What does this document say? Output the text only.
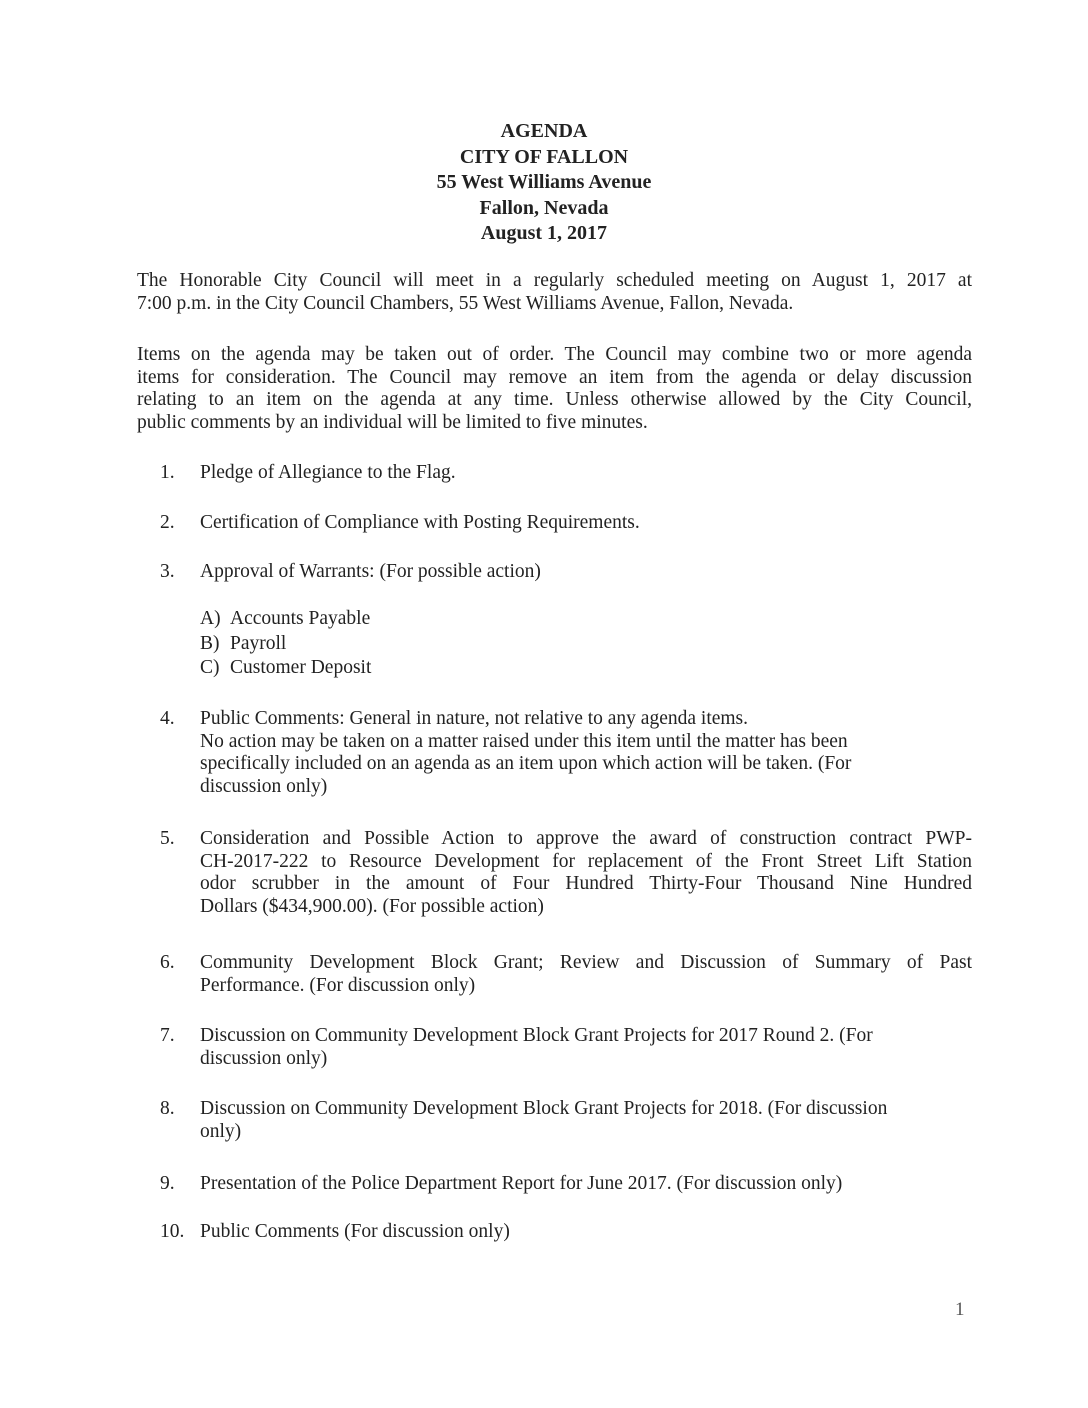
AGENDA
CITY OF FALLON
55 West Williams Avenue
Fallon, Nevada
August 1, 2017
The Honorable City Council will meet in a regularly scheduled meeting on August 1, 2017 at
7:00 p.m. in the City Council Chambers, 55 West Williams Avenue, Fallon, Nevada.
Items on the agenda may be taken out of order. The Council may combine two or more agenda
items for consideration. The Council may remove an item from the agenda or delay discussion
relating to an item on the agenda at any time. Unless otherwise allowed by the City Council,
public comments by an individual will be limited to five minutes.
1.	Pledge of Allegiance to the Flag.
2.	Certification of Compliance with Posting Requirements.
3.	Approval of Warrants: (For possible action)
A) Accounts Payable
B) Payroll
C) Customer Deposit
4.	Public Comments: General in nature, not relative to any agenda items.
No action may be taken on a matter raised under this item until the matter has been
specifically included on an agenda as an item upon which action will be taken. (For
discussion only)
5.	Consideration and Possible Action to approve the award of construction contract PWP-
CH-2017-222 to Resource Development for replacement of the Front Street Lift Station
odor scrubber in the amount of Four Hundred Thirty-Four Thousand Nine Hundred
Dollars ($434,900.00). (For possible action)
6.	Community Development Block Grant; Review and Discussion of Summary of Past
Performance. (For discussion only)
7.	Discussion on Community Development Block Grant Projects for 2017 Round 2. (For
discussion only)
8.	Discussion on Community Development Block Grant Projects for 2018. (For discussion
only)
9.	Presentation of the Police Department Report for June 2017. (For discussion only)
10. Public Comments (For discussion only)
1
